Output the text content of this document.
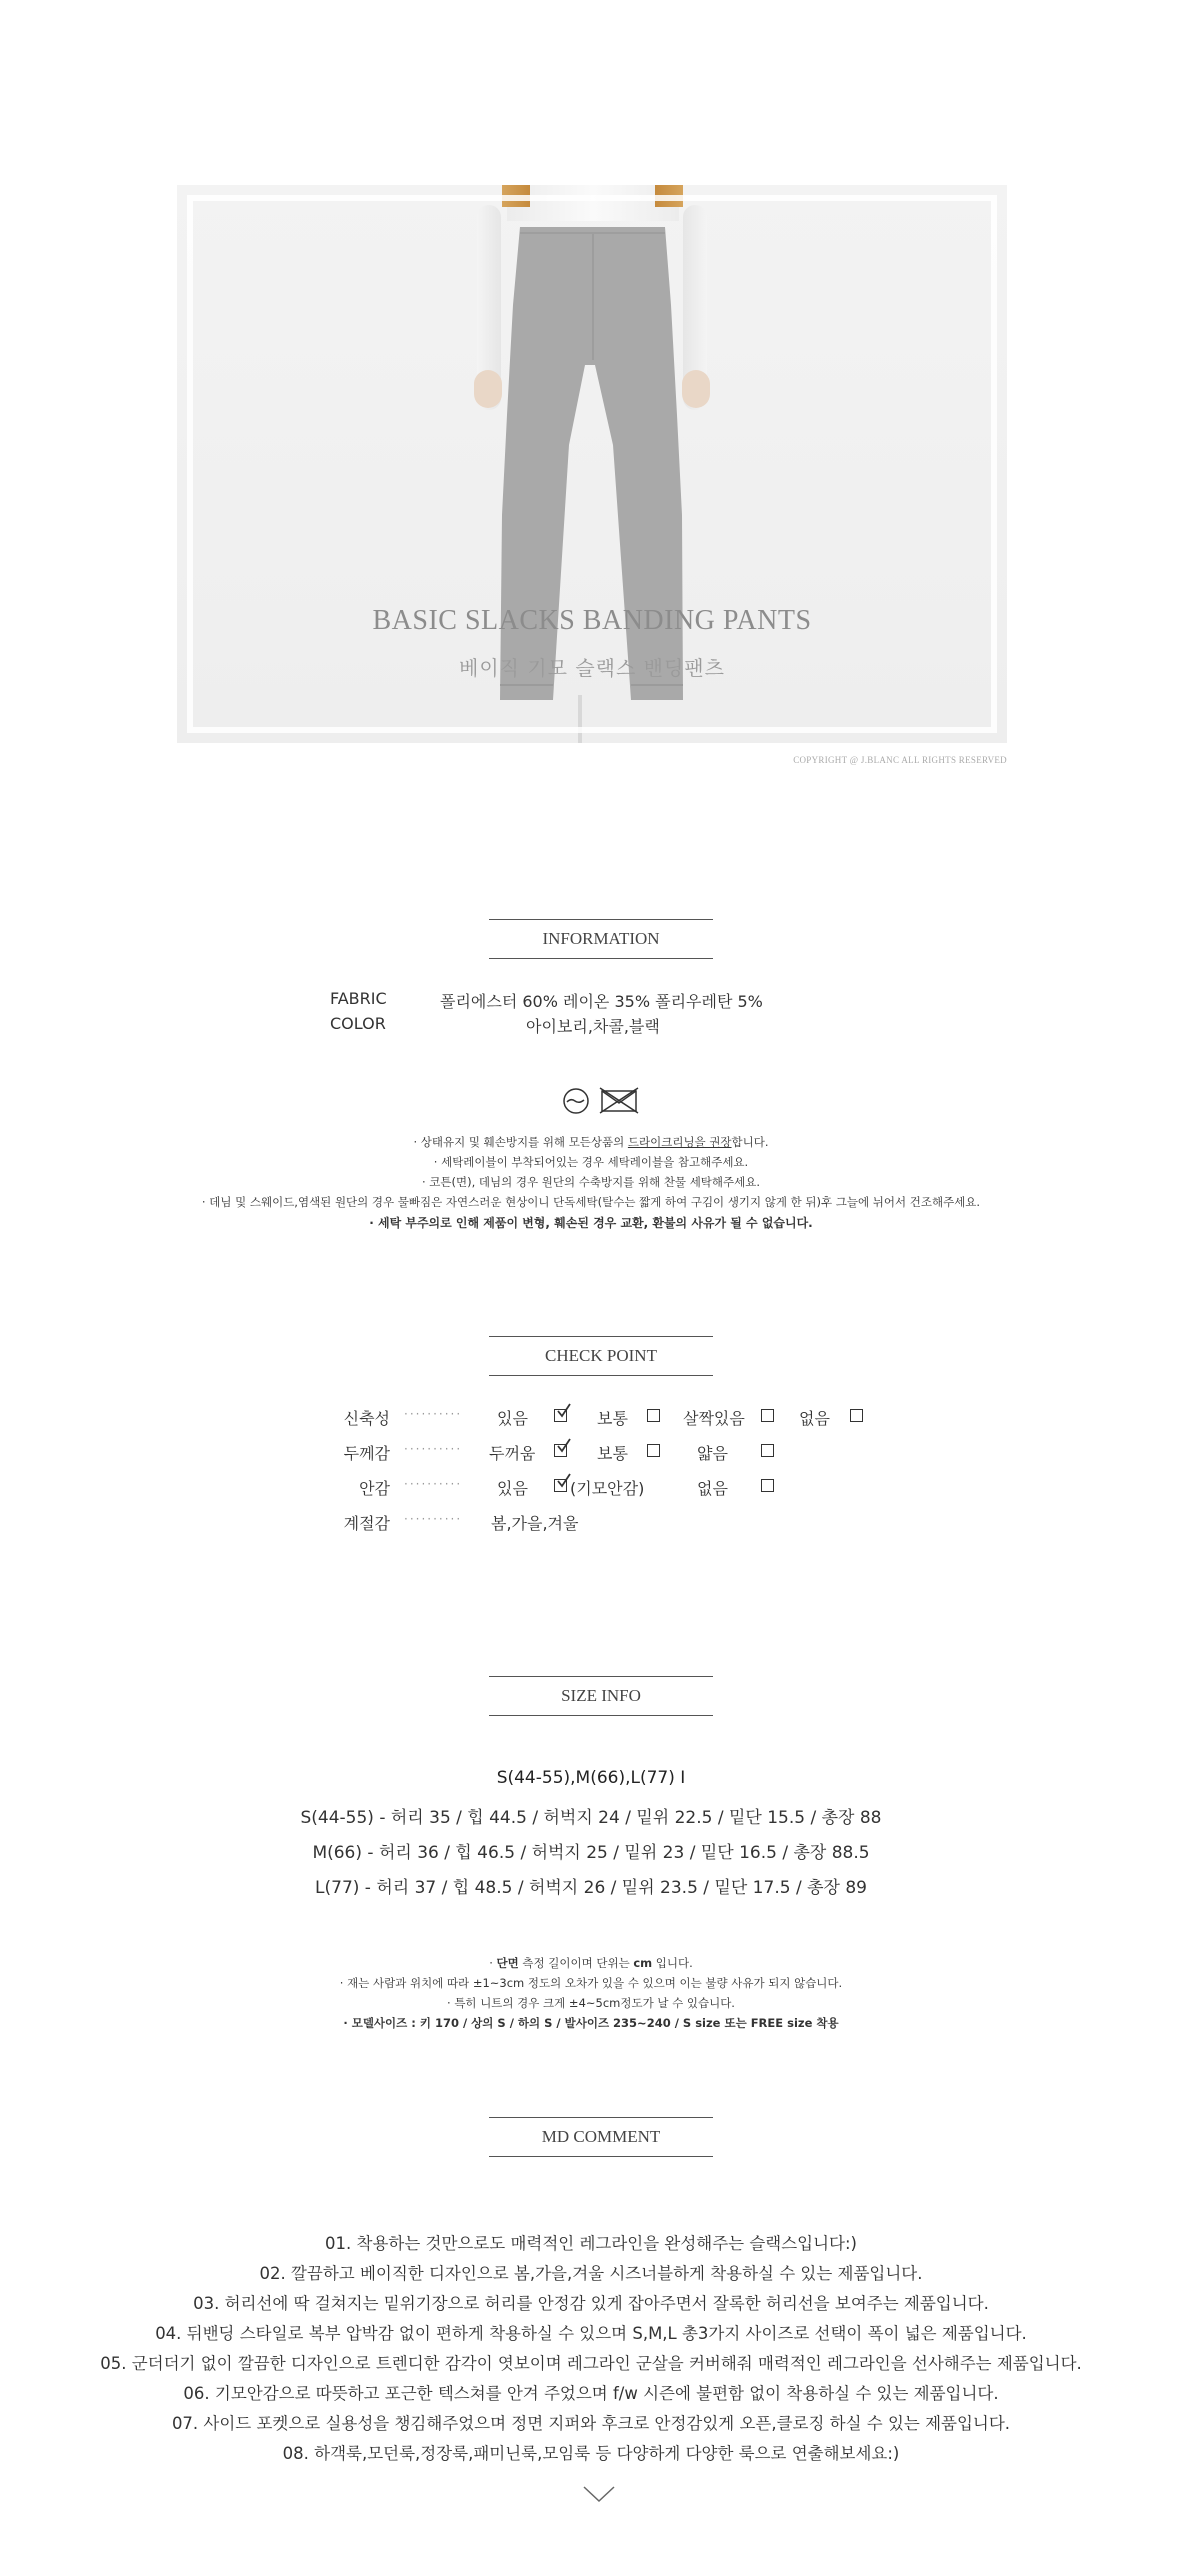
BASIC SLACKS BANDING PANTS
베이직 기모 슬랙스 밴딩팬츠
COPYRIGHT @ J.BLANC ALL RIGHTS RESERVED
INFORMATION
FABRIC	폴리에스터 60% 레이온 35% 폴리우레탄 5%
COLOR	아이보리,차콜,블랙
· 상태유지 및 훼손방지를 위해 모든상품의 드라이크리닝을 권장합니다.
· 세탁레이블이 부착되어있는 경우 세탁레이블을 참고해주세요.
· 코튼(면), 데님의 경우 원단의 수축방지를 위해 찬물 세탁해주세요.
· 데님 및 스웨이드,염색된 원단의 경우 물빠짐은 자연스러운 현상이니 단독세탁(탈수는 짧게 하여 구김이 생기지 않게 한 뒤)후 그늘에 뉘어서 건조해주세요.
· 세탁 부주의로 인해 제품이 변형, 훼손된 경우 교환, 환불의 사유가 될 수 없습니다.
CHECK POINT
신축성 ·········· 있음	보통	살짝있음	없음
두께감 ·········· 두꺼움	보통	얇음
안감 ·········· 있음	(기모안감)	없음
계절감 ·········· 봄,가을,겨울
SIZE INFO
S(44-55),M(66),L(77) I
S(44-55) - 허리 35 / 힙 44.5 / 허벅지 24 / 밑위 22.5 / 밑단 15.5 / 총장 88
M(66) - 허리 36 / 힙 46.5 / 허벅지 25 / 밑위 23 / 밑단 16.5 / 총장 88.5
L(77) - 허리 37 / 힙 48.5 / 허벅지 26 / 밑위 23.5 / 밑단 17.5 / 총장 89
· 단면 측정 길이이며 단위는 cm 입니다.
· 재는 사람과 위치에 따라 ±1~3cm 정도의 오차가 있을 수 있으며 이는 불량 사유가 되지 않습니다.
· 특히 니트의 경우 크게 ±4~5cm정도가 날 수 있습니다.
· 모델사이즈 : 키 170 / 상의 S / 하의 S / 발사이즈 235~240 / S size 또는 FREE size 착용
MD COMMENT
01. 착용하는 것만으로도 매력적인 레그라인을 완성해주는 슬랙스입니다:)
02. 깔끔하고 베이직한 디자인으로 봄,가을,겨울 시즈너블하게 착용하실 수 있는 제품입니다.
03. 허리선에 딱 걸쳐지는 밑위기장으로 허리를 안정감 있게 잡아주면서 잘록한 허리선을 보여주는 제품입니다.
04. 뒤밴딩 스타일로 복부 압박감 없이 편하게 착용하실 수 있으며 S,M,L 총3가지 사이즈로 선택이 폭이 넓은 제품입니다.
05. 군더더기 없이 깔끔한 디자인으로 트렌디한 감각이 엿보이며 레그라인 군살을 커버해줘 매력적인 레그라인을 선사해주는 제품입니다.
06. 기모안감으로 따뜻하고 포근한 텍스쳐를 안겨 주었으며 f/w 시즌에 불편함 없이 착용하실 수 있는 제품입니다.
07. 사이드 포켓으로 실용성을 챙김해주었으며 정면 지퍼와 후크로 안정감있게 오픈,클로징 하실 수 있는 제품입니다.
08. 하객룩,모던룩,정장룩,패미닌룩,모임룩 등 다양하게 다양한 룩으로 연출해보세요:)
